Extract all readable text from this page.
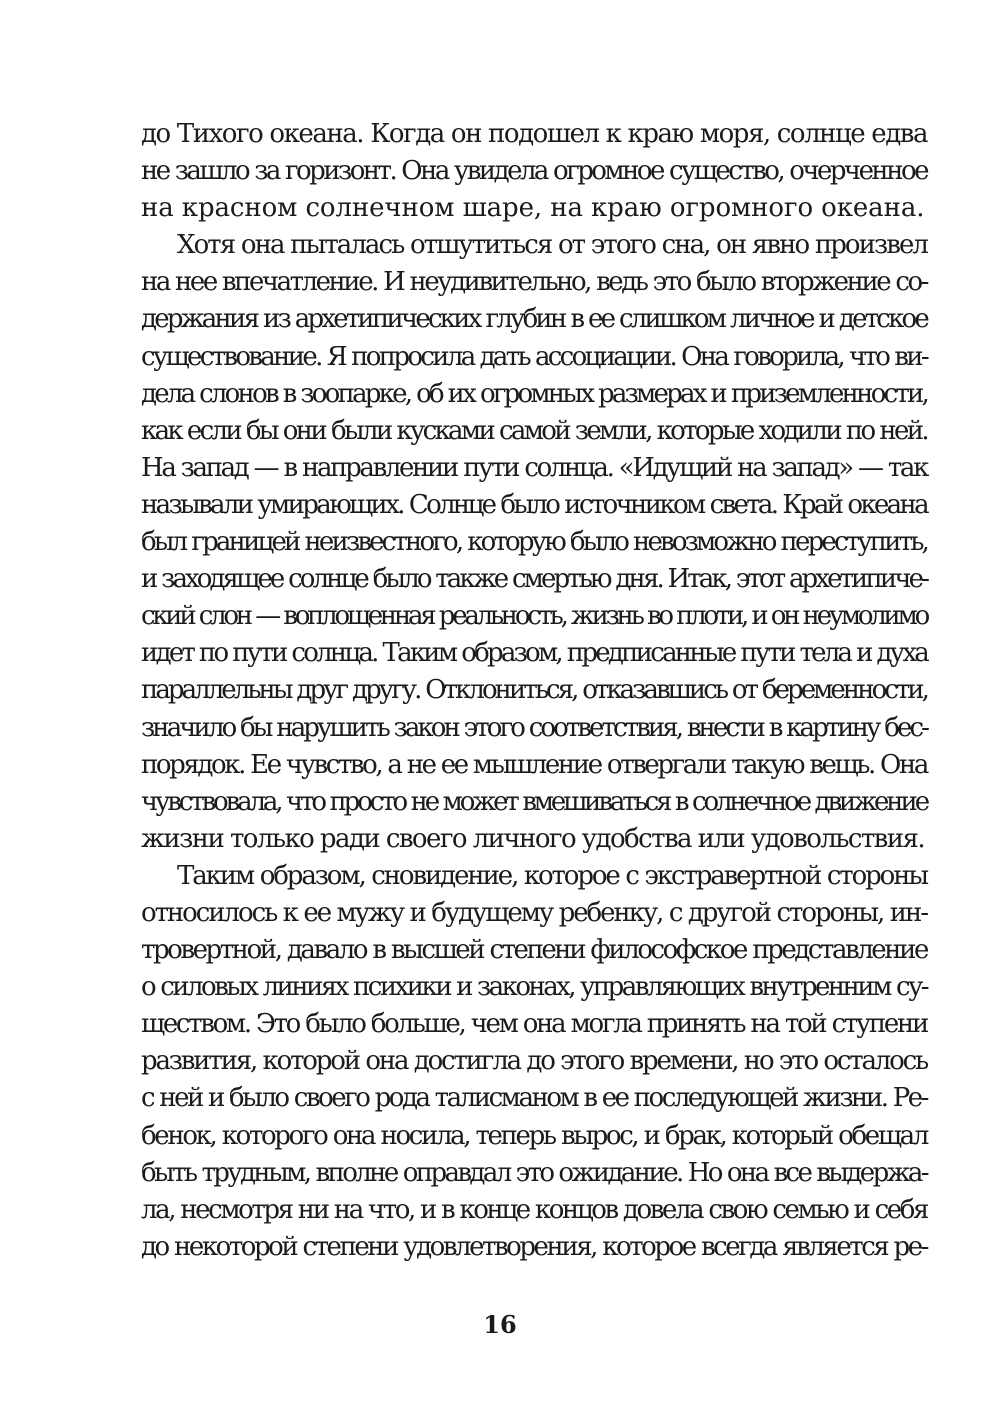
до Тихого океана. Когда он подошел к краю моря, солнце едва
не зашло за горизонт. Она увидела огромное существо, очерченное
на красном солнечном шаре, на краю огромного океана.
Хотя она пыталась отшутиться от этого сна, он явно произвел
на нее впечатление. И неудивительно, ведь это было вторжение со-
держания из архетипических глубин в ее слишком личное и детское
существование. Я попросила дать ассоциации. Она говорила, что ви-
дела слонов в зоопарке, об их огромных размерах и приземленности,
как если бы они были кусками самой земли, которые ходили по ней.
На запад — в направлении пути солнца. «Идущий на запад» — так
называли умирающих. Солнце было источником света. Край океана
был границей неизвестного, которую было невозможно переступить,
и заходящее солнце было также смертью дня. Итак, этот архетипиче-
ский слон — воплощенная реальность, жизнь во плоти, и он неумолимо
идет по пути солнца. Таким образом, предписанные пути тела и духа
параллельны друг другу. Отклониться, отказавшись от беременности,
значило бы нарушить закон этого соответствия, внести в картину бес-
порядок. Ее чувство, а не ее мышление отвергали такую вещь. Она
чувствовала, что просто не может вмешиваться в солнечное движение
жизни только ради своего личного удобства или удовольствия.
Таким образом, сновидение, которое с экстравертной стороны
относилось к ее мужу и будущему ребенку, с другой стороны, ин-
тровертной, давало в высшей степени философское представление
о силовых линиях психики и законах, управляющих внутренним су-
ществом. Это было больше, чем она могла принять на той ступени
развития, которой она достигла до этого времени, но это осталось
с ней и было своего рода талисманом в ее последующей жизни. Ре-
бенок, которого она носила, теперь вырос, и брак, который обещал
быть трудным, вполне оправдал это ожидание. Но она все выдержа-
ла, несмотря ни на что, и в конце концов довела свою семью и себя
до некоторой степени удовлетворения, которое всегда является ре-
16
